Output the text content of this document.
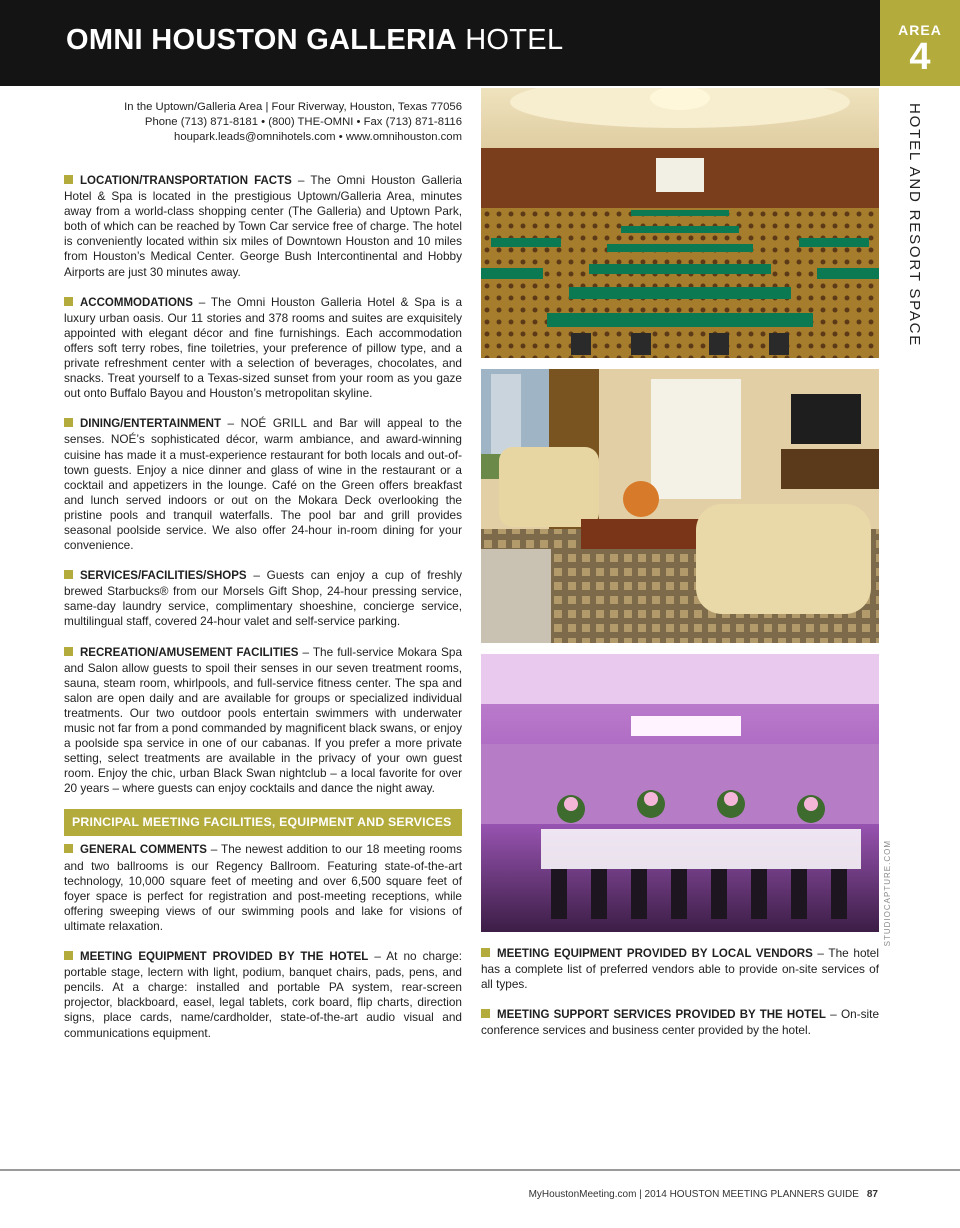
OMNI HOUSTON GALLERIA HOTEL	AREA
4
HOTEL AND RESORT SPACE
In the Uptown/Galleria Area | Four Riverway, Houston, Texas 77056
Phone (713) 871-8181 • (800) THE-OMNI • Fax (713) 871-8116
houpark.leads@omnihotels.com • www.omnihouston.com

LOCATION/TRANSPORTATION FACTS – The Omni Houston Galleria Hotel & Spa is located in the prestigious Uptown/Galleria Area, minutes away from a world-class shopping center (The Galleria) and Uptown Park, both of which can be reached by Town Car service free of charge. The hotel is conveniently located within six miles of Downtown Houston and 10 miles from Houston’s Medical Center. George Bush Intercontinental and Hobby Airports are just 30 minutes away.

ACCOMMODATIONS – The Omni Houston Galleria Hotel & Spa is a luxury urban oasis. Our 11 stories and 378 rooms and suites are exquisitely appointed with elegant décor and fine furnishings. Each accommodation offers soft terry robes, fine toiletries, your preference of pillow type, and a private refreshment center with a selection of beverages, chocolates, and snacks. Treat yourself to a Texas-sized sunset from your room as you gaze out onto Buffalo Bayou and Houston’s metropolitan skyline.

DINING/ENTERTAINMENT – NOÉ GRILL and Bar will appeal to the senses. NOÉ’s sophisticated décor, warm ambiance, and award-winning cuisine has made it a must-experience restaurant for both locals and out-of-town guests. Enjoy a nice dinner and glass of wine in the restaurant or a cocktail and appetizers in the lounge. Café on the Green offers breakfast and lunch served indoors or out on the Mokara Deck overlooking the pristine pools and tranquil waterfalls. The pool bar and grill provides seasonal poolside service. We also offer 24-hour in-room dining for your convenience.

SERVICES/FACILITIES/SHOPS – Guests can enjoy a cup of freshly brewed Starbucks® from our Morsels Gift Shop, 24-hour pressing service, same-day laundry service, complimentary shoeshine, concierge service, multilingual staff, covered 24-hour valet and self-service parking.

RECREATION/AMUSEMENT FACILITIES – The full-service Mokara Spa and Salon allow guests to spoil their senses in our seven treatment rooms, sauna, steam room, whirlpools, and full-service fitness center. The spa and salon are open daily and are available for groups or specialized individual treatments. Our two outdoor pools entertain swimmers with underwater music not far from a pond commanded by magnificent black swans, or enjoy a poolside spa service in one of our cabanas. If you prefer a more private setting, select treatments are available in the privacy of your own guest room. Enjoy the chic, urban Black Swan nightclub – a local favorite for over 20 years – where guests can enjoy cocktails and dance the night away.

PRINCIPAL MEETING FACILITIES, EQUIPMENT AND SERVICES

GENERAL COMMENTS – The newest addition to our 18 meeting rooms and two ballrooms is our Regency Ballroom. Featuring state-of-the-art technology, 10,000 square feet of meeting and over 6,500 square feet of foyer space is perfect for registration and post-meeting receptions, while offering sweeping views of our swimming pools and lake for visions of ultimate relaxation.

MEETING EQUIPMENT PROVIDED BY THE HOTEL – At no charge: portable stage, lectern with light, podium, banquet chairs, pads, pens, and pencils. At a charge: installed and portable PA system, rear-screen projector, blackboard, easel, legal tablets, cork board, flip charts, direction signs, place cards, name/cardholder, state-of-the-art audio visual and communications equipment.

STUDIOCAPTURE.COM

MEETING EQUIPMENT PROVIDED BY LOCAL VENDORS – The hotel has a complete list of preferred vendors able to provide on-site services of all types.

MEETING SUPPORT SERVICES PROVIDED BY THE HOTEL – On-site conference services and business center provided by the hotel.

MyHoustonMeeting.com | 2014 HOUSTON MEETING PLANNERS GUIDE 87
